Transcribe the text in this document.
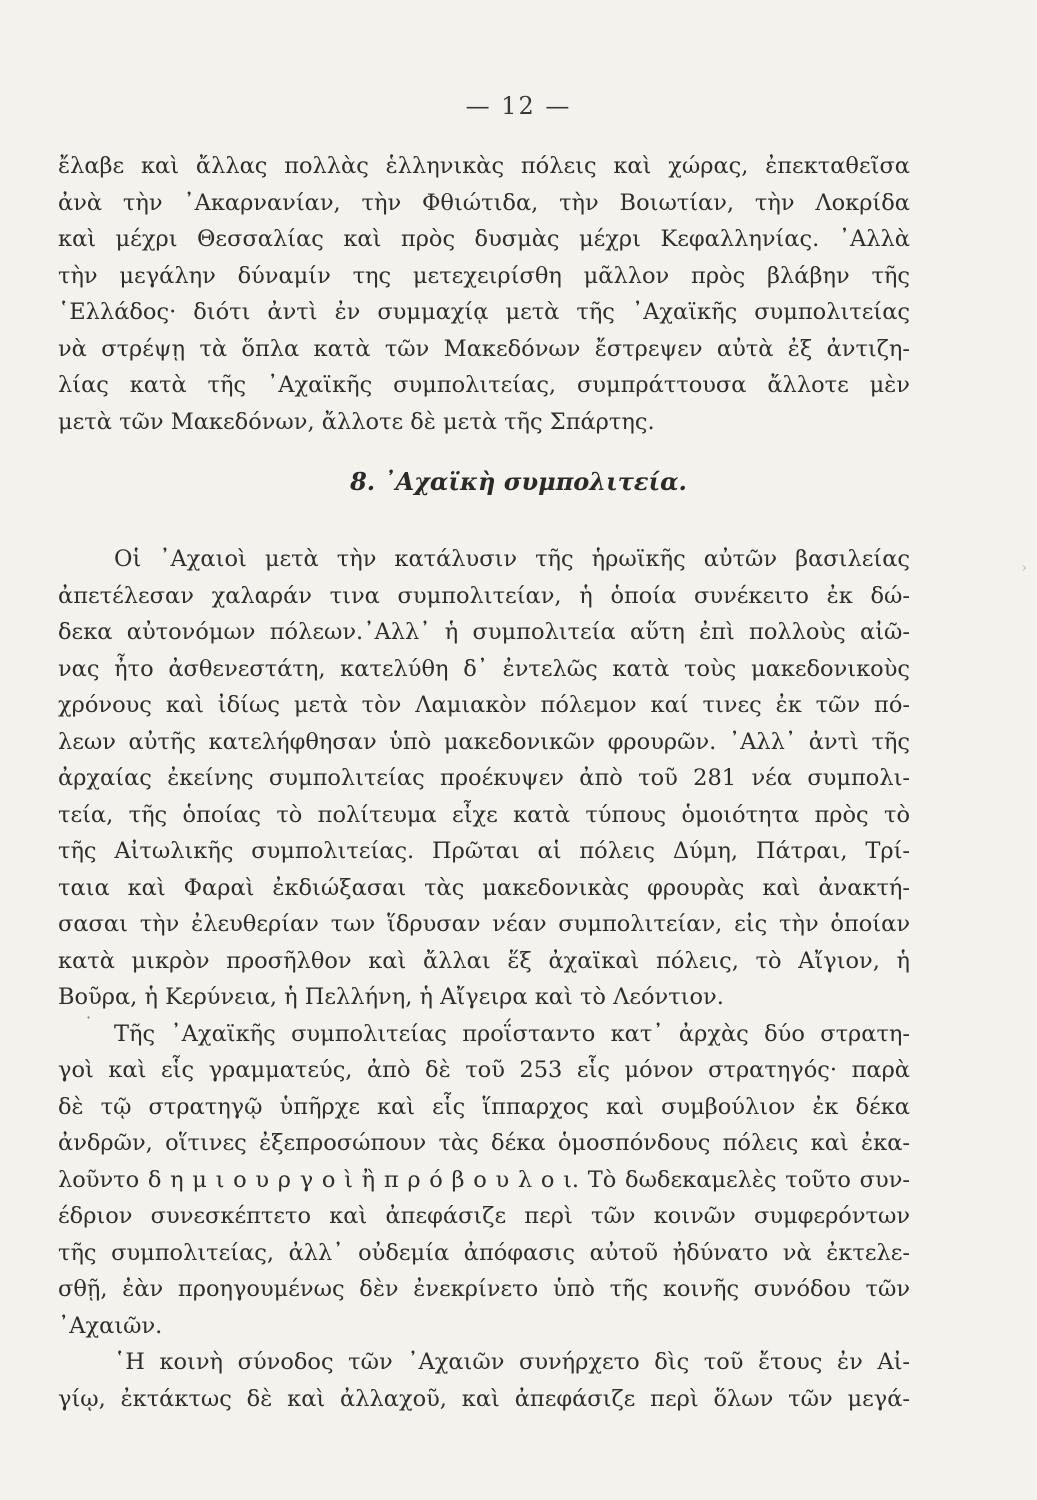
— 12 —
ἔλαβε καὶ ἄλλας πολλὰς ἑλληνικὰς πόλεις καὶ χώρας, ἐπεκταθεῖσα
ἀνὰ τὴν ᾿Ακαρνανίαν, τὴν Φθιώτιδα, τὴν Βοιωτίαν, τὴν Λοκρίδα
καὶ μέχρι Θεσσαλίας καὶ πρὸς δυσμὰς μέχρι Κεφαλληνίας. ᾿Αλλὰ
τὴν μεγάλην δύναμίν της μετεχειρίσθη μᾶλλον πρὸς βλάβην τῆς
῾Ελλάδος· διότι ἀντὶ ἐν συμμαχίᾳ μετὰ τῆς ᾿Αχαϊκῆς συμπολιτείας
νὰ στρέψῃ τὰ ὅπλα κατὰ τῶν Μακεδόνων ἔστρεψεν αὐτὰ ἐξ ἀντιζη-
λίας κατὰ τῆς ᾿Αχαϊκῆς συμπολιτείας, συμπράττουσα ἄλλοτε μὲν
μετὰ τῶν Μακεδόνων, ἄλλοτε δὲ μετὰ τῆς Σπάρτης.
8. ᾿Αχαϊκὴ συμπολιτεία.
Οἱ ᾿Αχαιοὶ μετὰ τὴν κατάλυσιν τῆς ἡρωϊκῆς αὐτῶν βασιλείας
ἀπετέλεσαν χαλαράν τινα συμπολιτείαν, ἡ ὁποία συνέκειτο ἐκ δώ-
δεκα αὐτονόμων πόλεων.᾿Αλλ᾿ ἡ συμπολιτεία αὕτη ἐπὶ πολλοὺς αἰῶ-
νας ἦτο ἀσθενεστάτη, κατελύθη δ᾿ ἐντελῶς κατὰ τοὺς μακεδονικοὺς
χρόνους καὶ ἰδίως μετὰ τὸν Λαμιακὸν πόλεμον καί τινες ἐκ τῶν πό-
λεων αὐτῆς κατελήφθησαν ὑπὸ μακεδονικῶν φρουρῶν. ᾿Αλλ᾿ ἀντὶ τῆς
ἀρχαίας ἐκείνης συμπολιτείας προέκυψεν ἀπὸ τοῦ 281 νέα συμπολι-
τεία, τῆς ὁποίας τὸ πολίτευμα εἶχε κατὰ τύπους ὁμοιότητα πρὸς τὸ
τῆς Αἰτωλικῆς συμπολιτείας. Πρῶται αἱ πόλεις Δύμη, Πάτραι, Τρί-
ταια καὶ Φαραὶ ἐκδιώξασαι τὰς μακεδονικὰς φρουρὰς καὶ ἀνακτή-
σασαι τὴν ἐλευθερίαν των ἵδρυσαν νέαν συμπολιτείαν, εἰς τὴν ὁποίαν
κατὰ μικρὸν προσῆλθον καὶ ἄλλαι ἕξ ἀχαϊκαὶ πόλεις, τὸ Αἴγιον, ἡ
Βοῦρα, ἡ Κερύνεια, ἡ Πελλήνη, ἡ Αἴγειρα καὶ τὸ Λεόντιον.
Τῆς ᾿Αχαϊκῆς συμπολιτείας προΐσταντο κατ᾿ ἀρχὰς δύο στρατη-
γοὶ καὶ εἷς γραμματεύς, ἀπὸ δὲ τοῦ 253 εἷς μόνον στρατηγός· παρὰ
δὲ τῷ στρατηγῷ ὑπῆρχε καὶ εἷς ἵππαρχος καὶ συμβούλιον ἐκ δέκα
ἀνδρῶν, οἵτινες ἐξεπροσώπουν τὰς δέκα ὁμοσπόνδους πόλεις καὶ ἐκα-
λοῦντο δ η μ ι ο υ ρ γ ο ὶ ἢ π ρ ό β ο υ λ ο ι. Τὸ δωδεκαμελὲς τοῦτο συν-
έδριον συνεσκέπτετο καὶ ἀπεφάσιζε περὶ τῶν κοινῶν συμφερόντων
τῆς συμπολιτείας, ἀλλ᾿ οὐδεμία ἀπόφασις αὐτοῦ ἠδύνατο νὰ ἐκτελε-
σθῇ, ἐὰν προηγουμένως δὲν ἐνεκρίνετο ὑπὸ τῆς κοινῆς συνόδου τῶν
᾿Αχαιῶν.
῾Η κοινὴ σύνοδος τῶν ᾿Αχαιῶν συνήρχετο δὶς τοῦ ἔτους ἐν Αἰ-
γίῳ, ἐκτάκτως δὲ καὶ ἀλλαχοῦ, καὶ ἀπεφάσιζε περὶ ὅλων τῶν μεγά-
·
›
